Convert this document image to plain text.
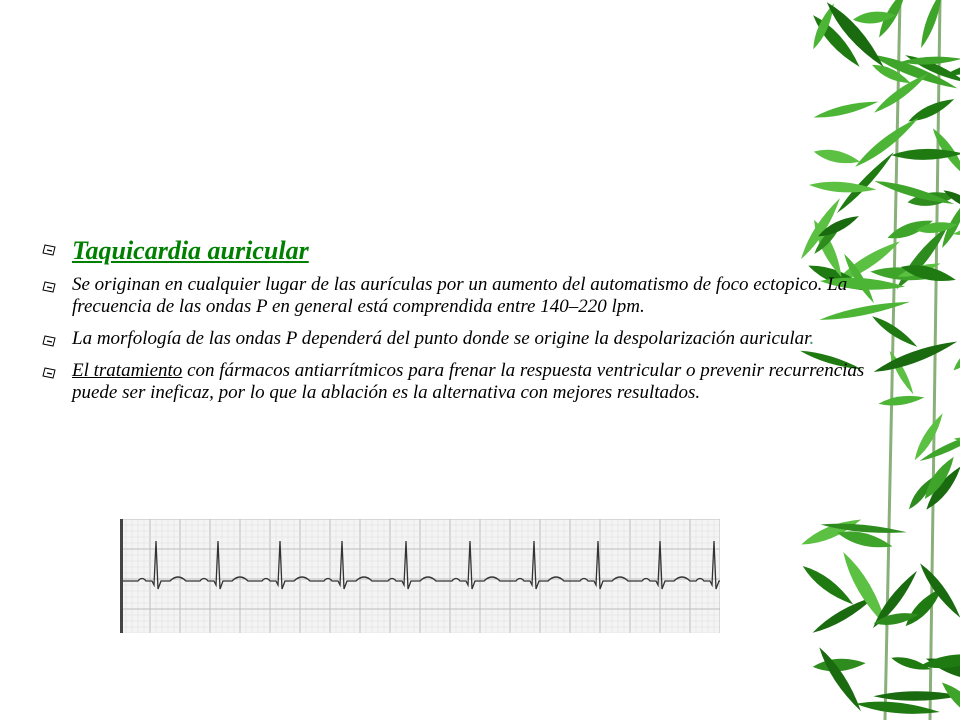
Taquicardia auricular
Se originan en cualquier lugar de las aurículas por un aumento del automatismo de foco ectopico. La frecuencia de las ondas P en general está comprendida entre 140–220 lpm.
La morfología de las ondas P dependerá del punto donde se origine la despolarización auricular.
El tratamiento con fármacos antiarrítmicos para frenar la respuesta ventricular o prevenir recurrencias puede ser ineficaz, por lo que la ablación es la alternativa con mejores resultados.
